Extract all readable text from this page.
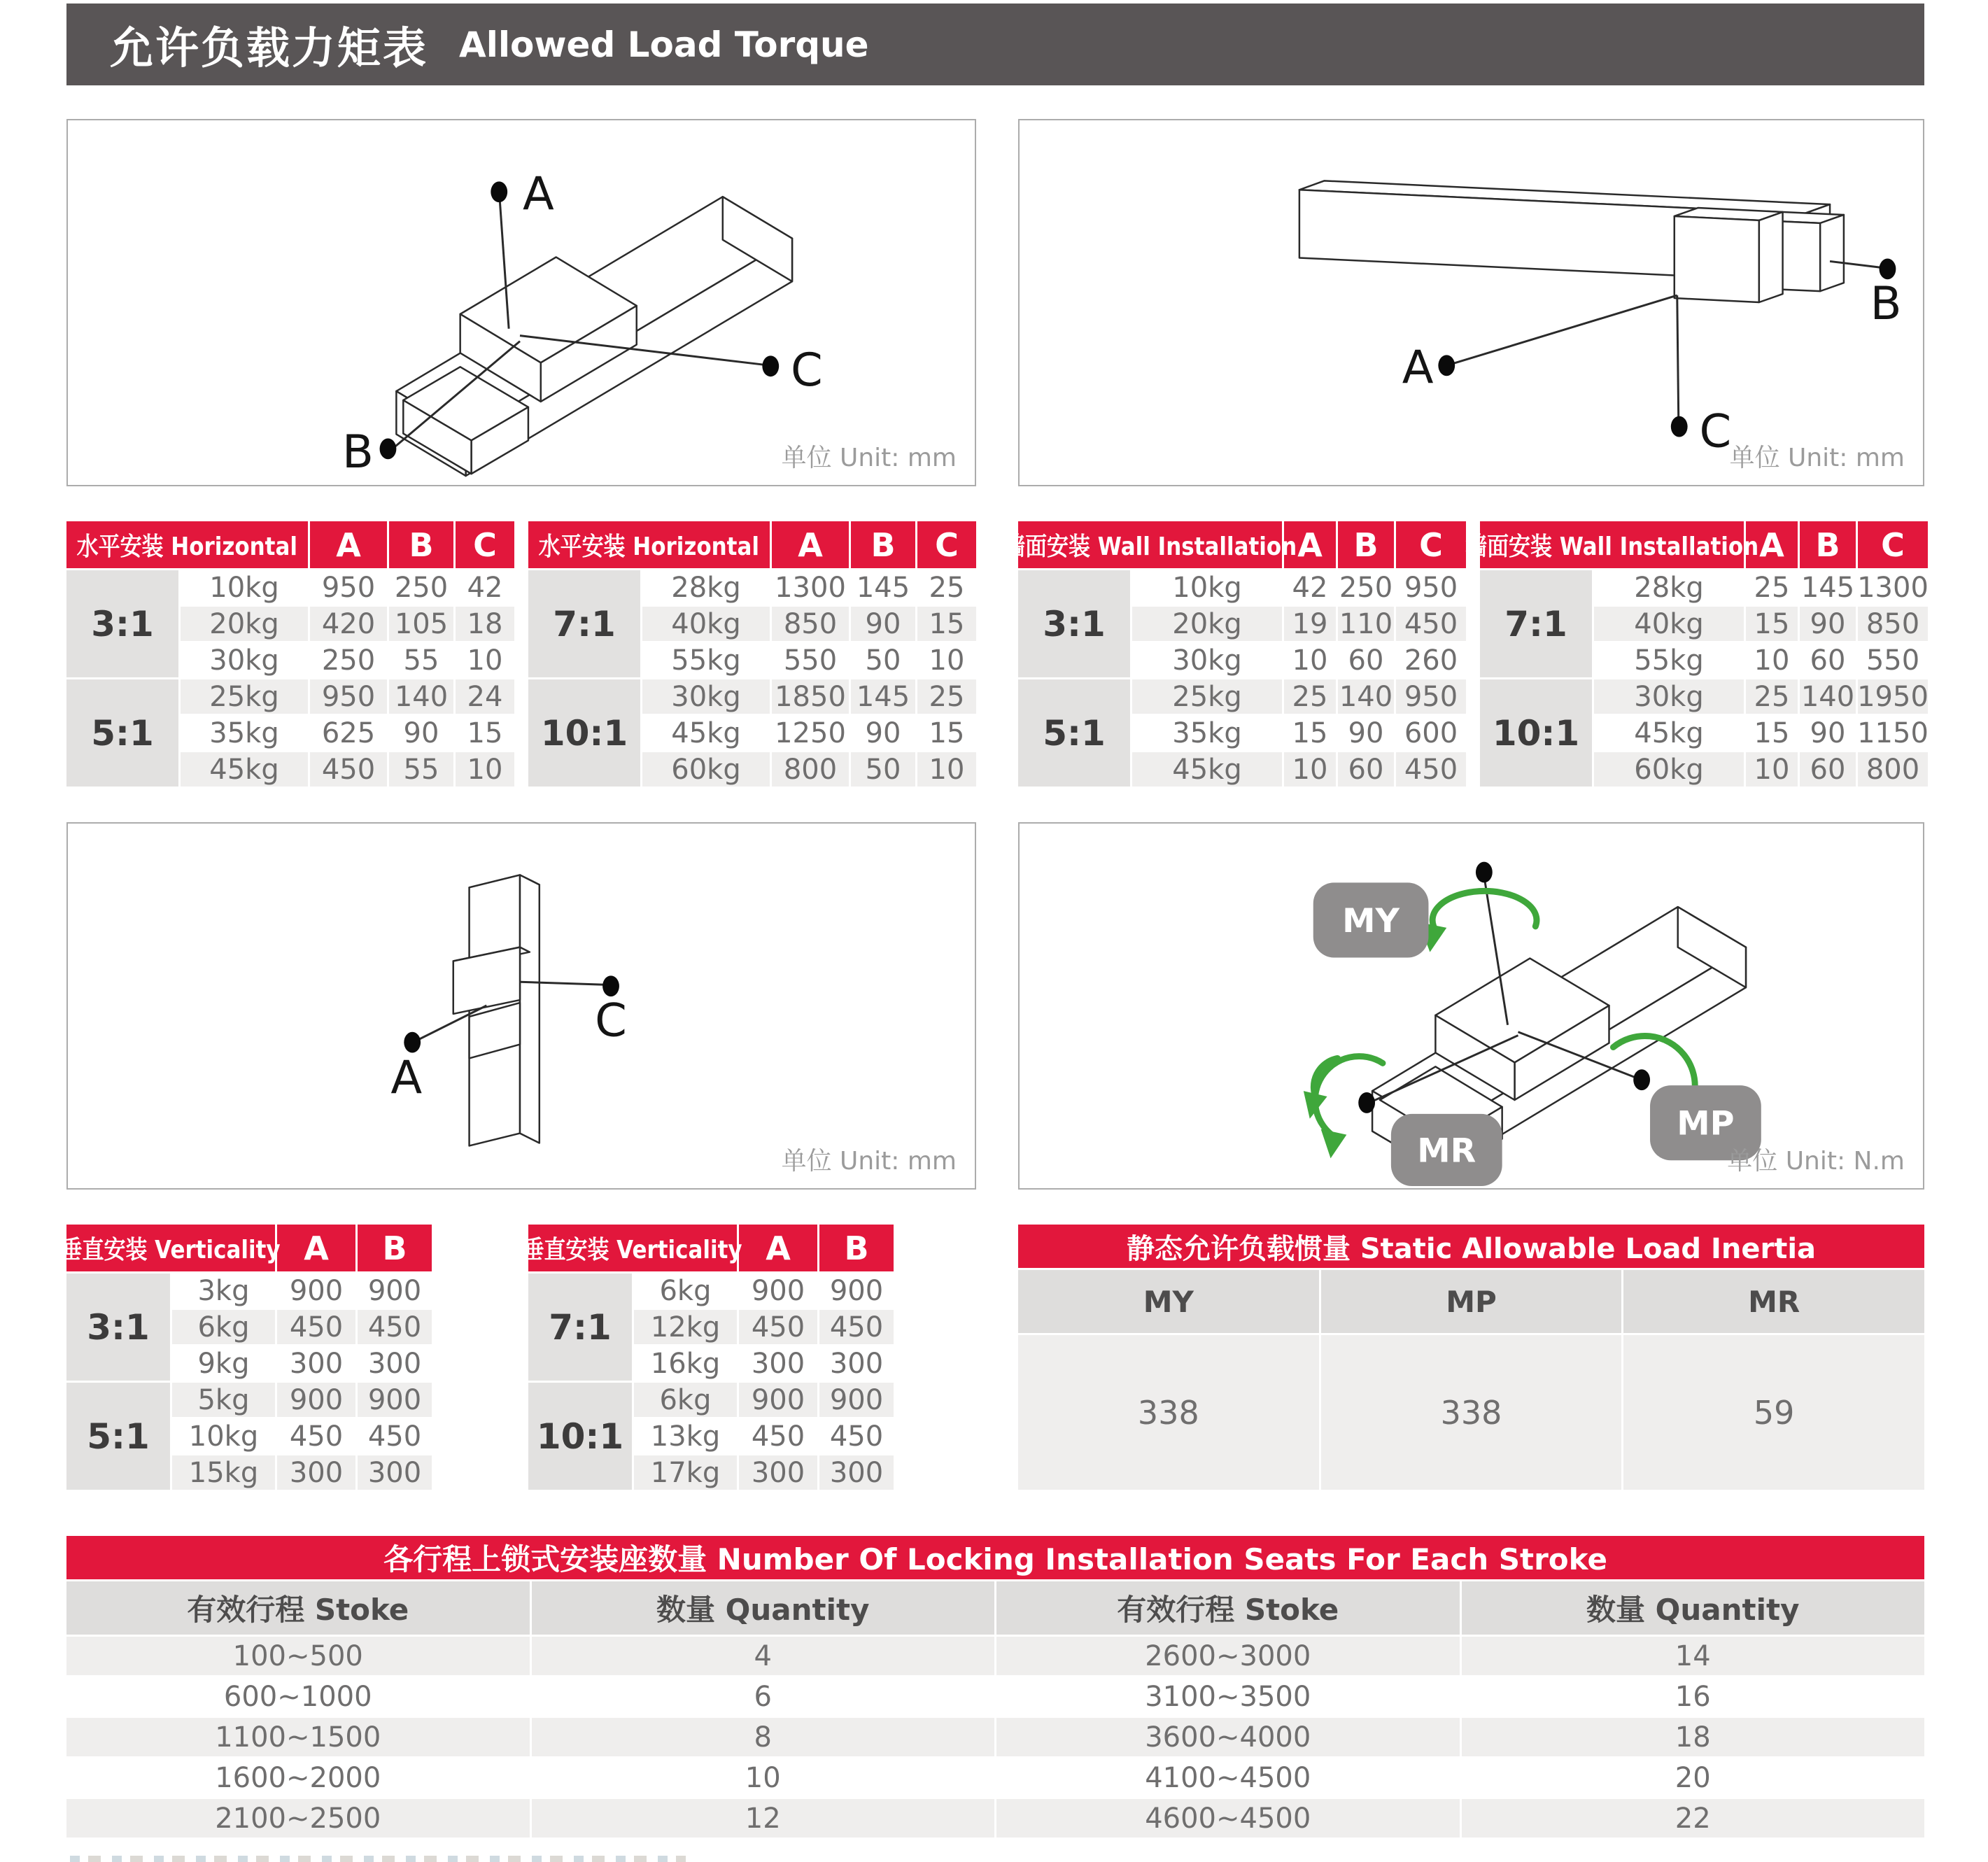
允许负载力矩表 Allowed Load Torque
A
C
B	单位 Unit: mm
A
C
B
单位 Unit: mm
A
C
单位 Unit: mm
MY
MP
MR	单位 Unit: N.m
水平安装 Horizontal	A	B	C
3:1
10kg	950 250 42
20kg	420 105 18
30kg	250	55	10
5:1
25kg	950 140 24
35kg	625	90	15
45kg	450	55	10
水平安装 Horizontal	A	B	C
7:1
28kg	1300 145 25
40kg	850	90	15
55kg	550	50	10
10:1
30kg	1850 145 25
45kg	1250 90	15
60kg	800	50	10
墙面安装 Wall Installation A B	C
3:1
10kg	42 250 950
20kg	19 110 450
30kg	10 60 260
5:1
25kg	25 140 950
35kg	15 90 600
45kg	10 60 450
墙面安装 Wall Installation A B	C
7:1
28kg	25 145 1300
40kg	15 90 850
55kg	10 60 550
10:1
30kg	25 140 1950
45kg	15 90 1150
60kg	10 60 800
垂直安装 Verticality A	B
3:1
3kg	900 900
6kg	450 450
9kg	300 300
5:1
5kg	900 900
10kg	450 450
15kg	300 300
垂直安装 Verticality A	B
7:1
6kg	900 900
12kg	450 450
16kg	300 300
10:1
6kg	900 900
13kg	450 450
17kg	300 300
静态允许负载惯量 Static Allowable Load Inertia
MY	MP	MR
338	338	59
各行程上锁式安装座数量 Number Of Locking Installation Seats For Each Stroke
有效行程 Stoke	数量 Quantity	有效行程 Stoke	数量 Quantity
100~500	4	2600~3000	14
600~1000	6	3100~3500	16
1100~1500	8	3600~4000	18
1600~2000	10	4100~4500	20
2100~2500	12	4600~4500	22
